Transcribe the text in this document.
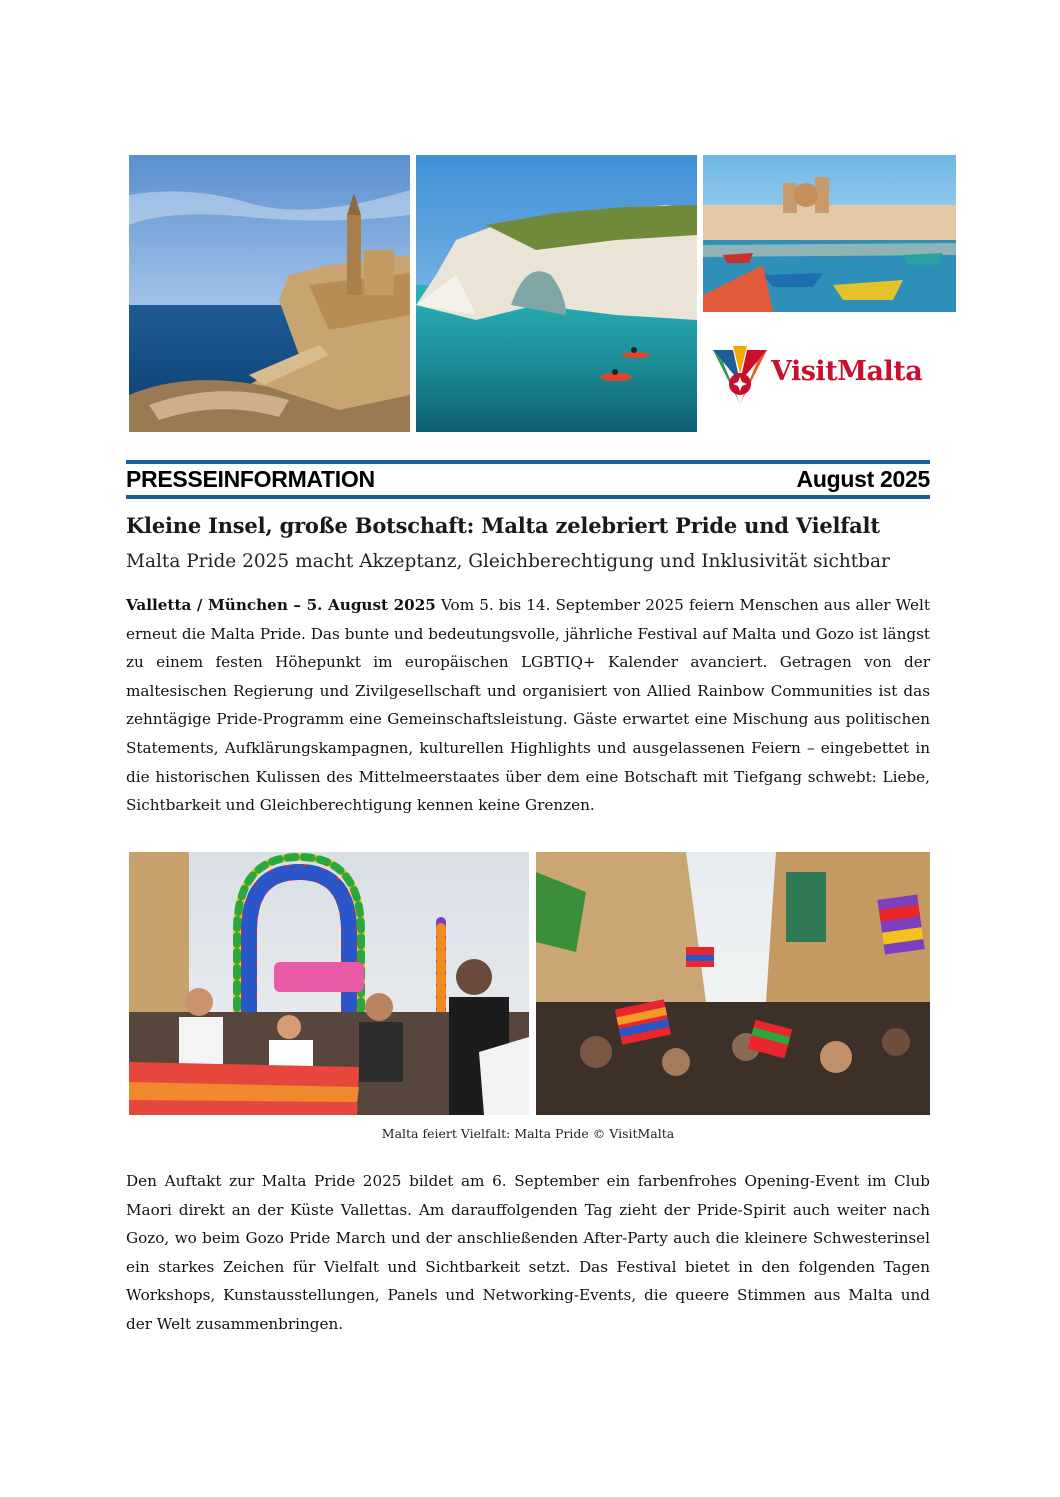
VisitMalta
PRESSEINFORMATION	August 2025
Kleine Insel, große Botschaft: Malta zelebriert Pride und Vielfalt
Malta Pride 2025 macht Akzeptanz, Gleichberechtigung und Inklusivität sichtbar

Valletta / München – 5. August 2025 Vom 5. bis 14. September 2025 feiern Menschen aus aller Welt erneut die Malta Pride. Das bunte und bedeutungsvolle, jährliche Festival auf Malta und Gozo ist längst zu einem festen Höhepunkt im europäischen LGBTIQ+ Kalender avanciert. Getragen von der maltesischen Regierung und Zivilgesellschaft und organisiert von Allied Rainbow Communities ist das zehntägige Pride-Programm eine Gemeinschaftsleistung. Gäste erwartet eine Mischung aus politischen Statements, Aufklärungskampagnen, kulturellen Highlights und ausgelassenen Feiern – eingebettet in die historischen Kulissen des Mittelmeerstaates über dem eine Botschaft mit Tiefgang schwebt: Liebe, Sichtbarkeit und Gleichberechtigung kennen keine Grenzen.

Malta feiert Vielfalt: Malta Pride © VisitMalta

Den Auftakt zur Malta Pride 2025 bildet am 6. September ein farbenfrohes Opening-Event im Club Maori direkt an der Küste Vallettas. Am darauffolgenden Tag zieht der Pride-Spirit auch weiter nach Gozo, wo beim Gozo Pride March und der anschließenden After-Party auch die kleinere Schwesterinsel ein starkes Zeichen für Vielfalt und Sichtbarkeit setzt. Das Festival bietet in den folgenden Tagen Workshops, Kunstausstellungen, Panels und Networking-Events, die queere Stimmen aus Malta und der Welt zusammenbringen.
